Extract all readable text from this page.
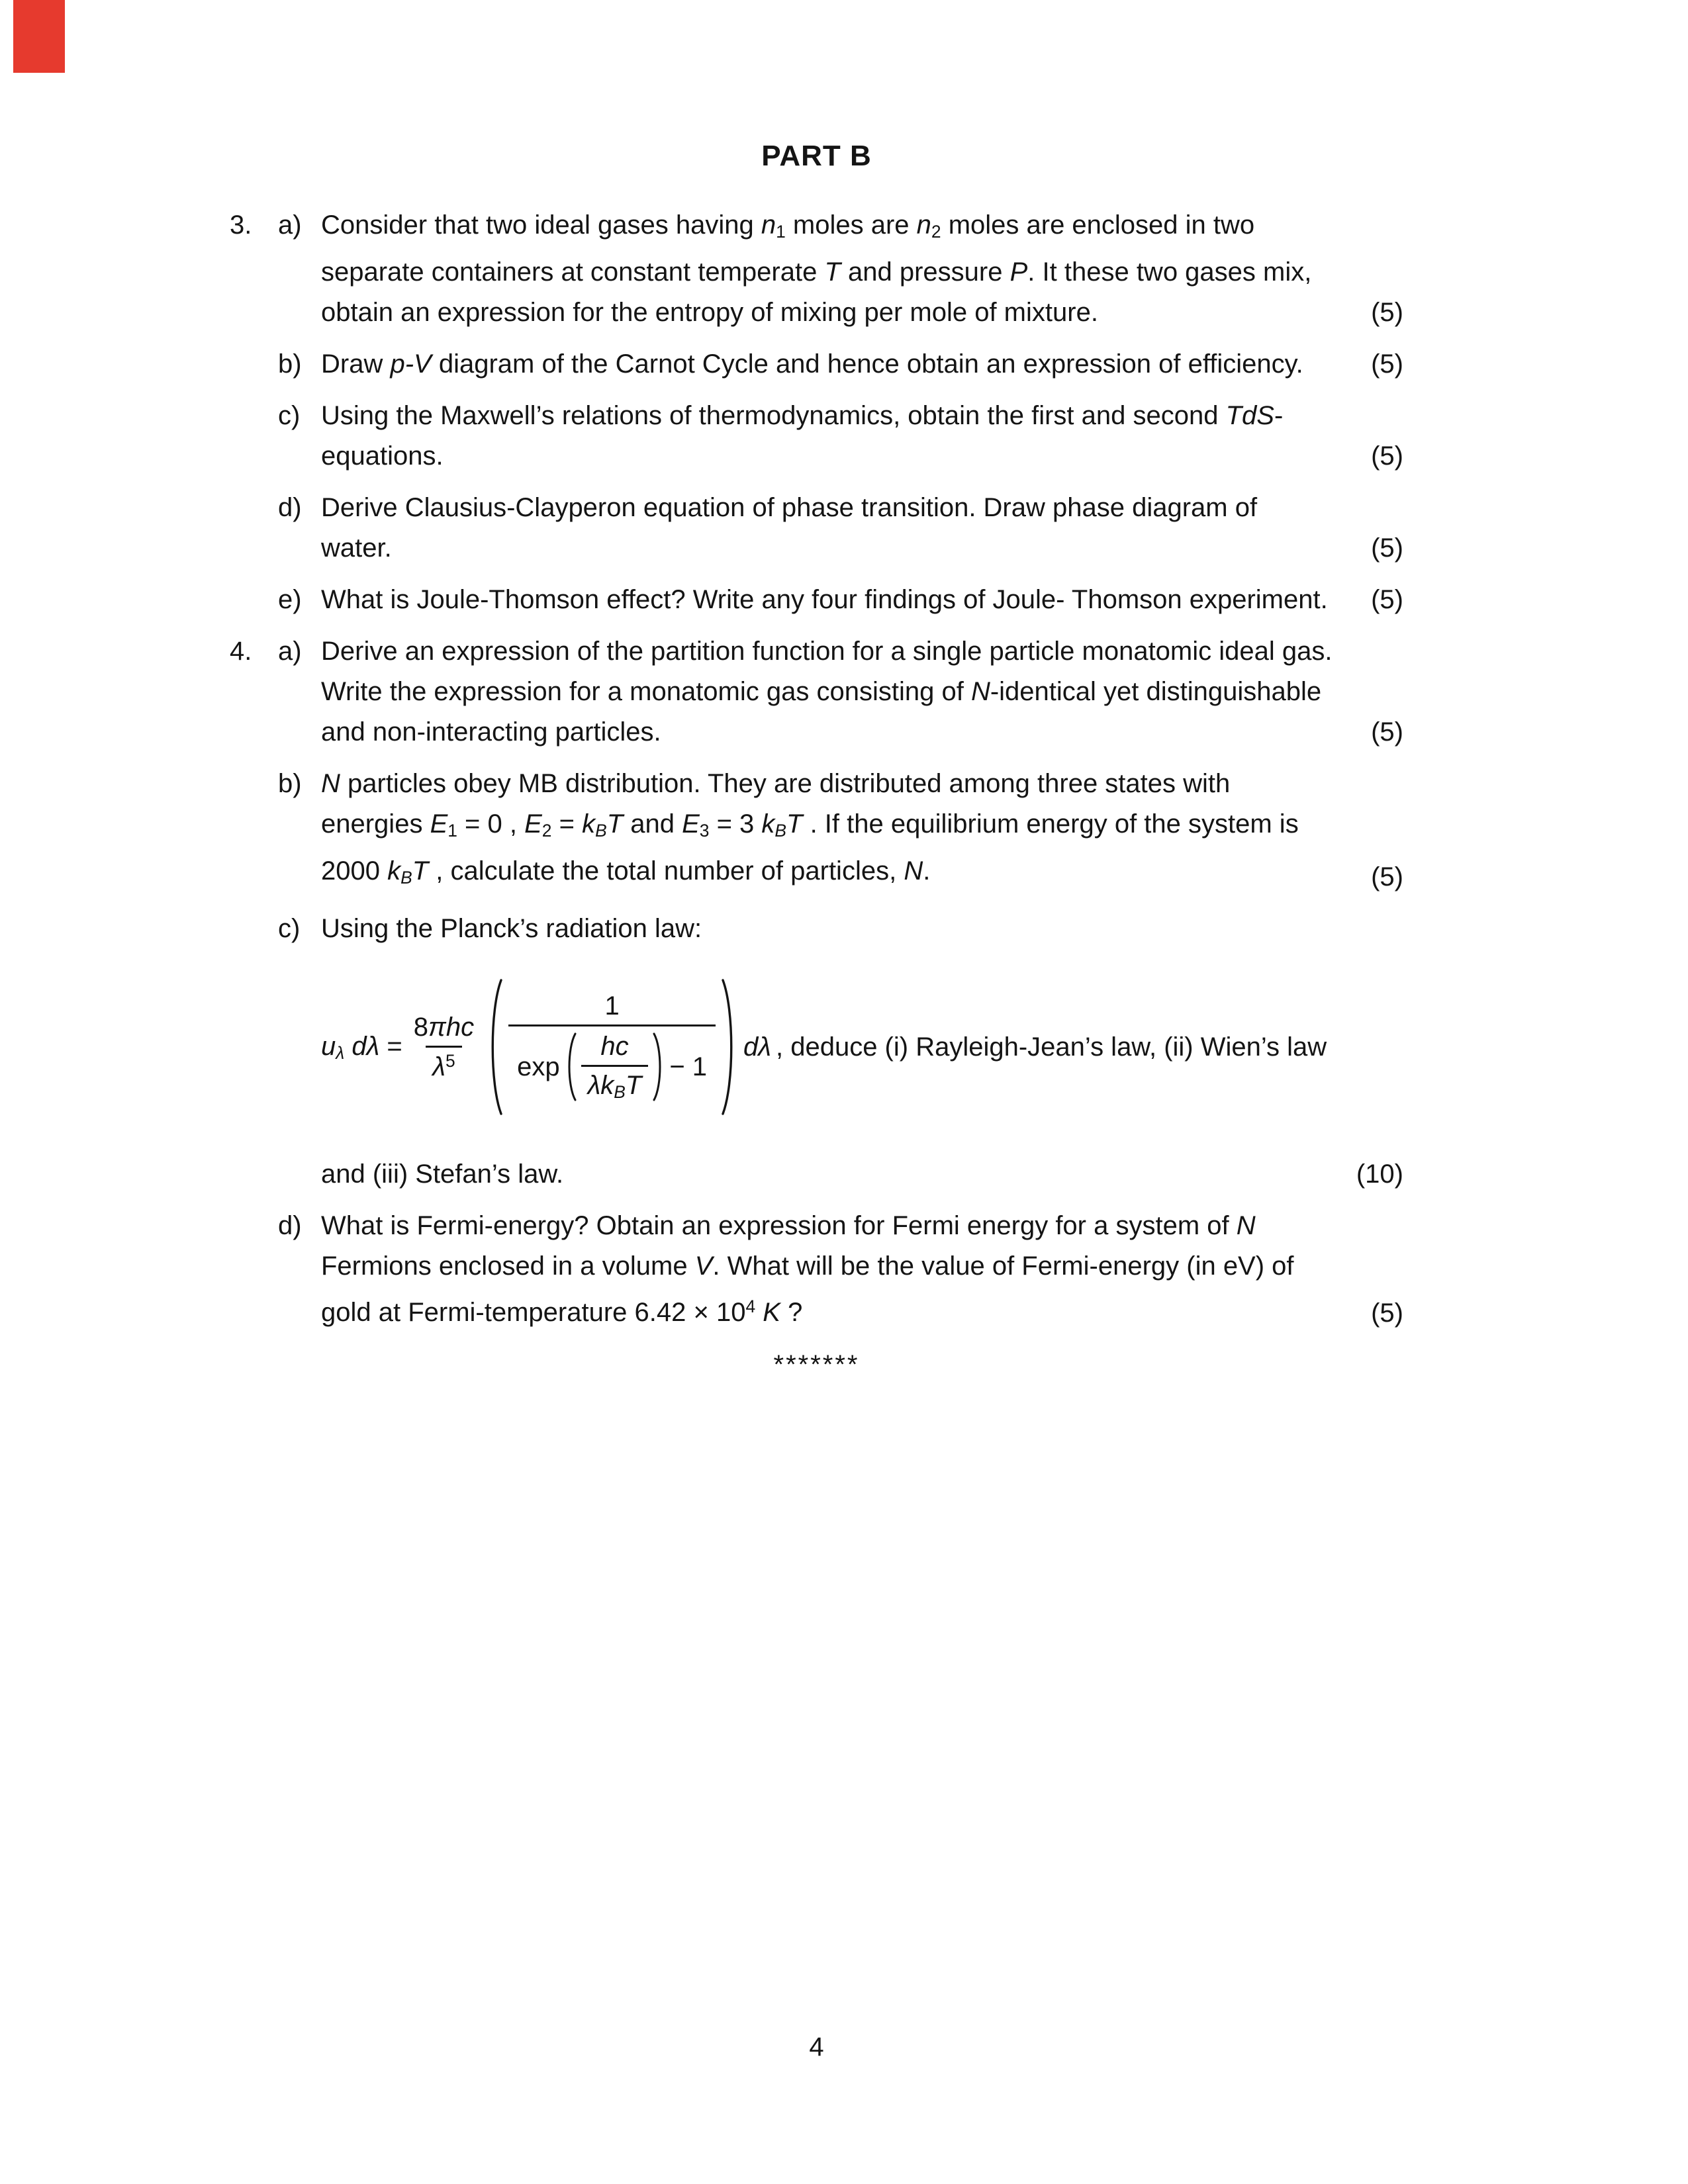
PART B
3. a) Consider that two ideal gases having n1 moles are n2 moles are enclosed in two separate containers at constant temperate T and pressure P. It these two gases mix, obtain an expression for the entropy of mixing per mole of mixture.	(5)
b) Draw p-V diagram of the Carnot Cycle and hence obtain an expression of efficiency.	(5)
c) Using the Maxwell’s relations of thermodynamics, obtain the first and second TdS-equations.	(5)
d) Derive Clausius-Clayperon equation of phase transition. Draw phase diagram of water.	(5)
e) What is Joule-Thomson effect? Write any four findings of Joule- Thomson experiment.	(5)
4. a) Derive an expression of the partition function for a single particle monatomic ideal gas. Write the expression for a monatomic gas consisting of N-identical yet distinguishable and non-interacting particles.	(5)
b) N particles obey MB distribution. They are distributed among three states with energies E1 = 0 , E2 = kBT and E3 = 3 kBT . If the equilibrium energy of the system is 2000 kBT , calculate the total number of particles, N.	(5)
c) Using the Planck’s radiation law:
uλ $d\lambda = \frac{\text{8πhc}}{\lambda^5}$
1
$\exp \frac{hc}{\text{λkBT}} - 1$
dλ , deduce (i) Rayleigh-Jean’s law, (ii) Wien’s law
and (iii) Stefan’s law.	(10)
d) What is Fermi-energy? Obtain an expression for Fermi energy for a system of N Fermions enclosed in a volume V. What will be the value of Fermi-energy (in eV) of gold at Fermi-temperature $6.42 \times 10^4$ K ?	(5)
*******
4
